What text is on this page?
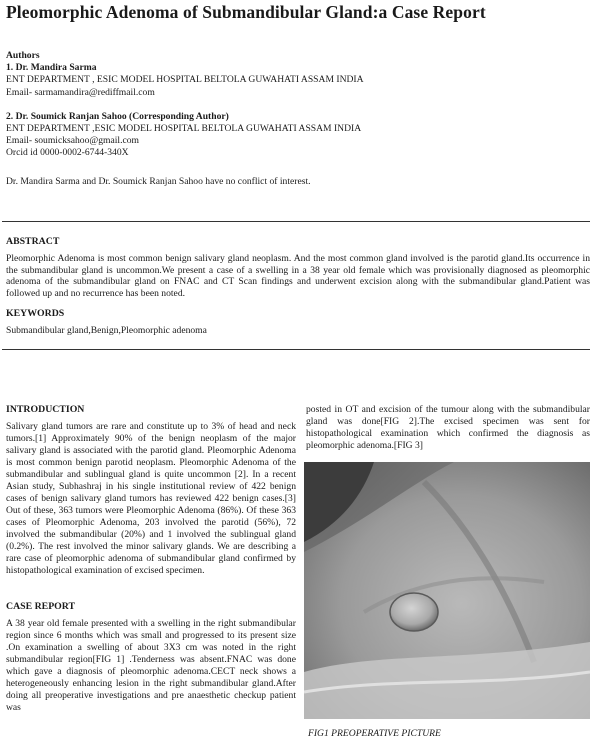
Pleomorphic Adenoma of Submandibular Gland:a Case Report
Authors
1. Dr. Mandira Sarma
ENT DEPARTMENT , ESIC MODEL HOSPITAL BELTOLA GUWAHATI ASSAM INDIA
Email- sarmamandira@rediffmail.com
2. Dr. Soumick Ranjan Sahoo (Corresponding Author)
ENT DEPARTMENT ,ESIC MODEL HOSPITAL BELTOLA GUWAHATI ASSAM INDIA
Email- soumicksahoo@gmail.com
Orcid id 0000-0002-6744-340X
Dr. Mandira Sarma and Dr. Soumick Ranjan Sahoo have no conflict of interest.
ABSTRACT

Pleomorphic Adenoma is most common benign salivary gland neoplasm. And the most common gland involved is the parotid gland.Its occurrence in the submandibular gland is uncommon.We present a case of a swelling in a 38 year old female which was provisionally diagnosed as pleomorphic adenoma of the submandibular gland on FNAC and CT Scan findings and underwent excision along with the submandibular gland.Patient was followed up and no recurrence has been noted.

KEYWORDS

Submandibular gland,Benign,Pleomorphic adenoma

INTRODUCTION

Salivary gland tumors are rare and constitute up to 3% of head and neck tumors.[1] Approximately 90% of the benign neoplasm of the major salivary gland is associated with the parotid gland. Pleomorphic Adenoma is most common benign parotid neoplasm. Pleomorphic Adenoma of the submandibular and sublingual gland is quite uncommon [2]. In a recent Asian study, Subhashraj in his single institutional review of 422 benign cases of benign salivary gland tumors has reviewed 422 benign cases.[3] Out of these, 363 tumors were Pleomorphic Adenoma (86%). Of these 363 cases of Pleomorphic Adenoma, 203 involved the parotid (56%), 72 involved the submandibular (20%) and 1 involved the sublingual gland (0.2%). The rest involved the minor salivary glands. We are describing a rare case of pleomorphic adenoma of submandibular gland confirmed by histopathological examination of excised specimen.

CASE REPORT

A 38 year old female presented with a swelling in the right submandibular region since 6 months which was small and progressed to its present size .On examination a swelling of about 3X3 cm was noted in the right submandibular region[FIG 1] .Tenderness was absent.FNAC was done which gave a diagnosis of pleomorphic adenoma.CECT neck shows a heterogeneously enhancing lesion in the right submandibular gland.After doing all preoperative investigations and pre anaesthetic checkup patient was

posted in OT and excision of the tumour along with the submandibular gland was done[FIG 2].The excised specimen was sent for histopathological examination which confirmed the diagnosis as pleomorphic adenoma.[FIG 3]

FIG1 PREOPERATIVE PICTURE
